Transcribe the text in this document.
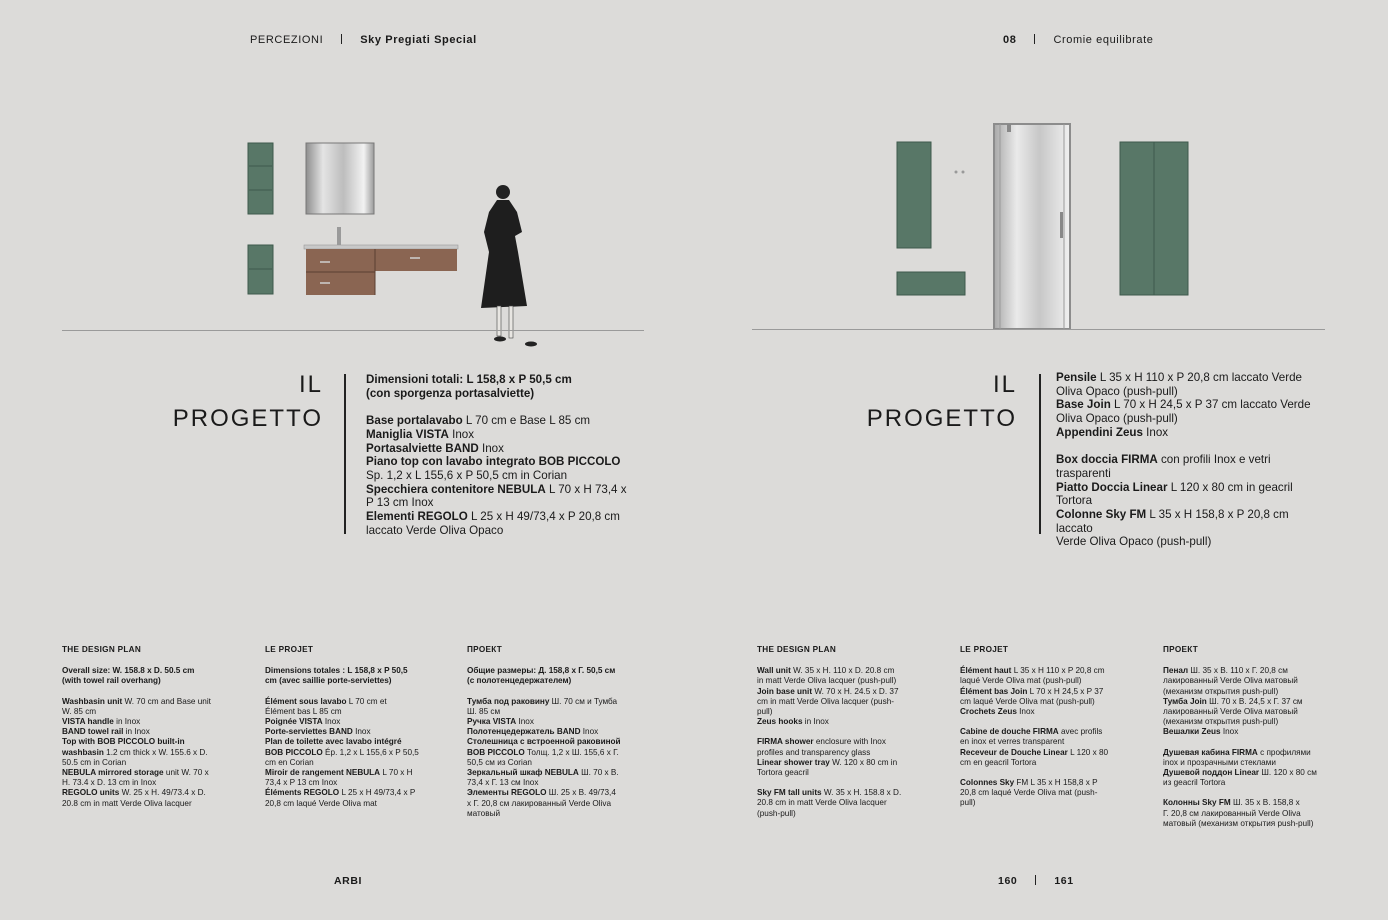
PERCEZIONI	Sky Pregiati Special	08	Cromie equilibrate
IL
PROGETTO
Dimensioni totali: L 158,8 x P 50,5 cm
(con sporgenza portasalviette)
Base portalavabo L 70 cm e Base L 85 cm
Maniglia VISTA Inox
Portasalviette BAND Inox
Piano top con lavabo integrato BOB PICCOLO
Sp. 1,2 x L 155,6 x P 50,5 cm in Corian
Specchiera contenitore NEBULA L 70 x H 73,4 x
P 13 cm Inox
Elementi REGOLO L 25 x H 49/73,4 x P 20,8 cm
laccato Verde Oliva Opaco
IL
PROGETTO
Pensile L 35 x H 110 x P 20,8 cm laccato Verde
Oliva Opaco (push-pull)
Base Join L 70 x H 24,5 x P 37 cm laccato Verde
Oliva Opaco (push-pull)
Appendini Zeus Inox
Box doccia FIRMA con profili Inox e vetri trasparenti
Piatto Doccia Linear L 120 x 80 cm in geacril
Tortora
Colonne Sky FM L 35 x H 158,8 x P 20,8 cm laccato
Verde Oliva Opaco (push-pull)
THE DESIGN PLAN
Overall size: W. 158.8 x D. 50.5 cm
(with towel rail overhang)
Washbasin unit W. 70 cm and Base unit
W. 85 cm
VISTA handle in Inox
BAND towel rail in Inox
Top with BOB PICCOLO built-in
washbasin 1.2 cm thick x W. 155.6 x D.
50.5 cm in Corian
NEBULA mirrored storage unit W. 70 x
H. 73.4 x D. 13 cm in Inox
REGOLO units W. 25 x H. 49/73.4 x D.
20.8 cm in matt Verde Oliva lacquer
LE PROJET
Dimensions totales : L 158,8 x P 50,5
cm (avec saillie porte-serviettes)
Élément sous lavabo L 70 cm et
Élément bas L 85 cm
Poignée VISTA Inox
Porte-serviettes BAND Inox
Plan de toilette avec lavabo intégré
BOB PICCOLO Ép. 1,2 x L 155,6 x P 50,5
cm en Corian
Miroir de rangement NEBULA L 70 x H
73,4 x P 13 cm Inox
Éléments REGOLO L 25 x H 49/73,4 x P
20,8 cm laqué Verde Oliva mat
ПРОЕКТ
Общие размеры: Д. 158,8 х Г. 50,5 см
(с полотенцедержателем)
Тумба под раковину Ш. 70 см и Тумба
Ш. 85 см
Ручка VISTA Inox
Полотенцедержатель BAND Inox
Столешница с встроенной раковиной
BOB PICCOLO Толщ. 1,2 х Ш. 155,6 х Г.
50,5 см из Corian
Зеркальный шкаф NEBULA Ш. 70 х В.
73,4 х Г. 13 см Inox
Элементы REGOLO Ш. 25 х В. 49/73,4
х Г. 20,8 см лакированный Verde Oliva
матовый
THE DESIGN PLAN
Wall unit W. 35 x H. 110 x D. 20.8 cm
in matt Verde Oliva lacquer (push-pull)
Join base unit W. 70 x H. 24.5 x D. 37
cm in matt Verde Oliva lacquer (push-
pull)
Zeus hooks in Inox
FIRMA shower enclosure with Inox
profiles and transparency glass
Linear shower tray W. 120 x 80 cm in
Tortora geacril
Sky FM tall units W. 35 x H. 158.8 x D.
20.8 cm in matt Verde Oliva lacquer
(push-pull)
LE PROJET
Élément haut L 35 x H 110 x P 20,8 cm
laqué Verde Oliva mat (push-pull)
Élément bas Join L 70 x H 24,5 x P 37
cm laqué Verde Oliva mat (push-pull)
Crochets Zeus Inox
Cabine de douche FIRMA avec profils
en inox et verres transparent
Receveur de Douche Linear L 120 x 80
cm en geacril Tortora
Colonnes Sky FM L 35 x H 158,8 x P
20,8 cm laqué Verde Oliva mat (push-
pull)
ПРОЕКТ
Пенал Ш. 35 х В. 110 х Г. 20,8 см
лакированный Verde Oliva матовый
(механизм открытия push-pull)
Тумба Join Ш. 70 х В. 24,5 х Г. 37 см
лакированный Verde Oliva матовый
(механизм открытия push-pull)
Вешалки Zeus Inox
Душевая кабина FIRMA с профилями
inox и прозрачными стеклами
Душевой поддон Linear Ш. 120 х 80 см
из geacril Tortora
Колонны Sky FM Ш. 35 х В. 158,8 х
Г. 20,8 см лакированный Verde Oliva
матовый (механизм открытия push-pull)
ARBI	160	161
